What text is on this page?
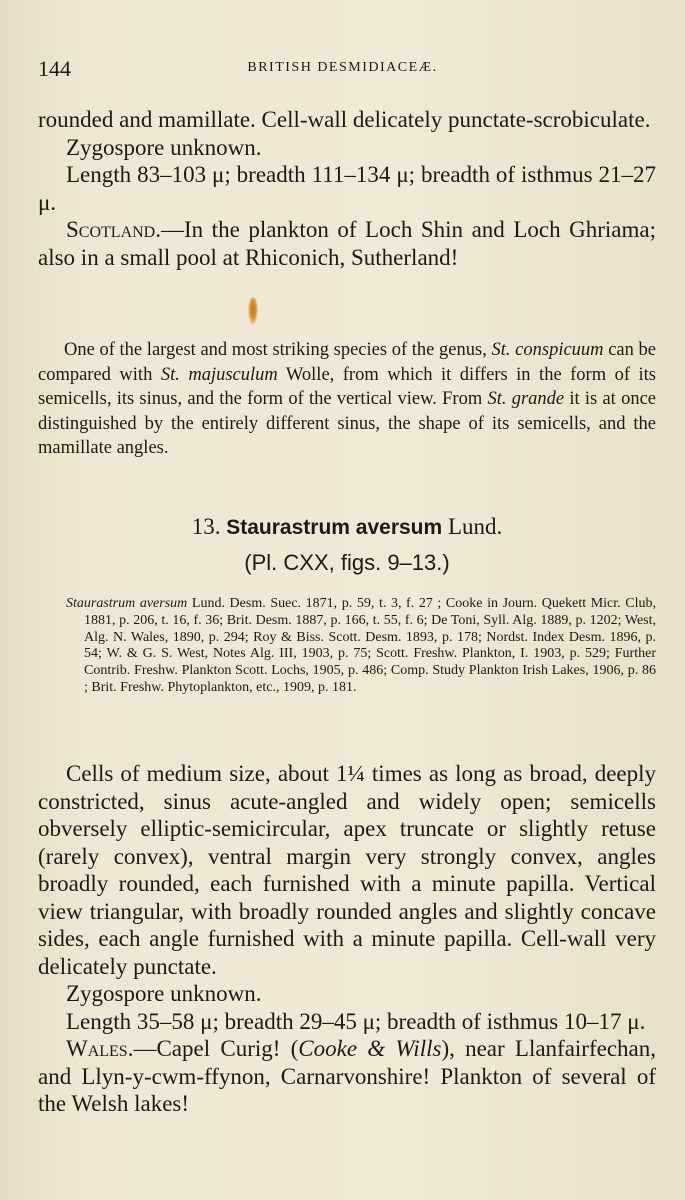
144	BRITISH DESMIDIACEÆ.

rounded and mamillate. Cell-wall delicately punctate-scrobiculate.

Zygospore unknown.

Length 83–103 μ; breadth 111–134 μ; breadth of isthmus 21–27 μ.

Scotland.—In the plankton of Loch Shin and Loch Ghriama; also in a small pool at Rhiconich, Sutherland!

One of the largest and most striking species of the genus, St. conspicuum can be compared with St. majusculum Wolle, from which it differs in the form of its semicells, its sinus, and the form of the vertical view. From St. grande it is at once distinguished by the entirely different sinus, the shape of its semicells, and the mamillate angles.

13. Staurastrum aversum Lund.

(Pl. CXX, figs. 9–13.)

Staurastrum aversum Lund. Desm. Suec. 1871, p. 59, t. 3, f. 27 ; Cooke in Journ. Quekett Micr. Club, 1881, p. 206, t. 16, f. 36; Brit. Desm. 1887, p. 166, t. 55, f. 6; De Toni, Syll. Alg. 1889, p. 1202; West, Alg. N. Wales, 1890, p. 294; Roy & Biss. Scott. Desm. 1893, p. 178; Nordst. Index Desm. 1896, p. 54; W. & G. S. West, Notes Alg. III, 1903, p. 75; Scott. Freshw. Plankton, I. 1903, p. 529; Further Contrib. Freshw. Plankton Scott. Lochs, 1905, p. 486; Comp. Study Plankton Irish Lakes, 1906, p. 86 ; Brit. Freshw. Phytoplankton, etc., 1909, p. 181.

Cells of medium size, about 1¼ times as long as broad, deeply constricted, sinus acute-angled and widely open; semicells obversely elliptic-semicircular, apex truncate or slightly retuse (rarely convex), ventral margin very strongly convex, angles broadly rounded, each furnished with a minute papilla. Vertical view triangular, with broadly rounded angles and slightly concave sides, each angle furnished with a minute papilla. Cell-wall very delicately punctate.

Zygospore unknown.

Length 35–58 μ; breadth 29–45 μ; breadth of isthmus 10–17 μ.

Wales.—Capel Curig! (Cooke & Wills), near Llanfairfechan, and Llyn-y-cwm-ffynon, Carnarvonshire! Plankton of several of the Welsh lakes!
